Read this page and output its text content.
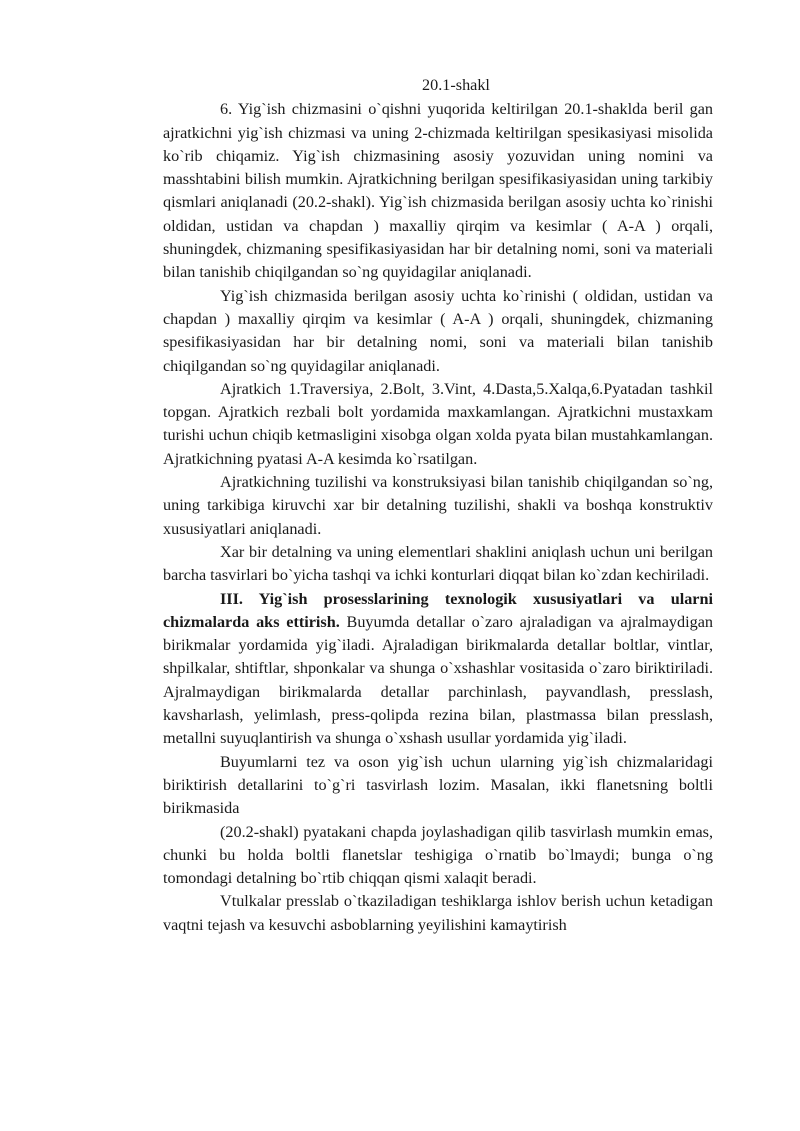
20.1-shakl

6. Yig`ish chizmasini o`qishni yuqorida keltirilgan 20.1-shaklda beril gan ajratkichni yig`ish chizmasi va uning 2-chizmada keltirilgan spesikasiyasi misolida ko`rib chiqamiz. Yig`ish chizmasining asosiy yozuvidan uning nomini va masshtabini bilish mumkin. Ajratkichning berilgan spesifikasiyasidan uning tarkibiy qismlari aniqlanadi (20.2-shakl). Yig`ish chizmasida berilgan asosiy uchta ko`rinishi oldidan, ustidan va chapdan ) maxalliy qirqim va kesimlar ( A-A ) orqali, shuningdek, chizmaning spesifikasiyasidan har bir detalning nomi, soni va materiali bilan tanishib chiqilgandan so`ng quyidagilar aniqlanadi.

Yig`ish chizmasida berilgan asosiy uchta ko`rinishi ( oldidan, ustidan va chapdan ) maxalliy qirqim va kesimlar ( A-A ) orqali, shuningdek, chizmaning spesifikasiyasidan har bir detalning nomi, soni va materiali bilan tanishib chiqilgandan so`ng quyidagilar aniqlanadi.

Ajratkich 1.Traversiya, 2.Bolt, 3.Vint, 4.Dasta,5.Xalqa,6.Pyatadan tashkil topgan. Ajratkich rezbali bolt yordamida maxkamlangan. Ajratkichni mustaxkam turishi uchun chiqib ketmasligini xisobga olgan xolda pyata bilan mustahkamlangan. Ajratkichning pyatasi A-A kesimda ko`rsatilgan.

Ajratkichning tuzilishi va konstruksiyasi bilan tanishib chiqilgandan so`ng, uning tarkibiga kiruvchi xar bir detalning tuzilishi, shakli va boshqa konstruktiv xususiyatlari aniqlanadi.

Xar bir detalning va uning elementlari shaklini aniqlash uchun uni berilgan barcha tasvirlari bo`yicha tashqi va ichki konturlari diqqat bilan ko`zdan kechiriladi.

III. Yig`ish prosesslarining texnologik xususiyatlari va ularni chizmalarda aks ettirish. Buyumda detallar o`zaro ajraladigan va ajralmaydigan birikmalar yordamida yig`iladi. Ajraladigan birikmalarda detallar boltlar, vintlar, shpilkalar, shtiftlar, shponkalar va shunga o`xshashlar vositasida o`zaro biriktiriladi. Ajralmaydigan birikmalarda detallar parchinlash, payvandlash, presslash, kavsharlash, yelimlash, press-qolipda rezina bilan, plastmassa bilan presslash, metallni suyuqlantirish va shunga o`xshash usullar yordamida yig`iladi.

Buyumlarni tez va oson yig`ish uchun ularning yig`ish chizmalaridagi biriktirish detallarini to`g`ri tasvirlash lozim. Masalan, ikki flanetsning boltli birikmasida

(20.2-shakl) pyatakani chapda joylashadigan qilib tasvirlash mumkin emas, chunki bu holda boltli flanetslar teshigiga o`rnatib bo`lmaydi; bunga o`ng tomondagi detalning bo`rtib chiqqan qismi xalaqit beradi.

Vtulkalar presslab o`tkaziladigan teshiklarga ishlov berish uchun ketadigan vaqtni tejash va kesuvchi asboblarning yeyilishini kamaytirish
